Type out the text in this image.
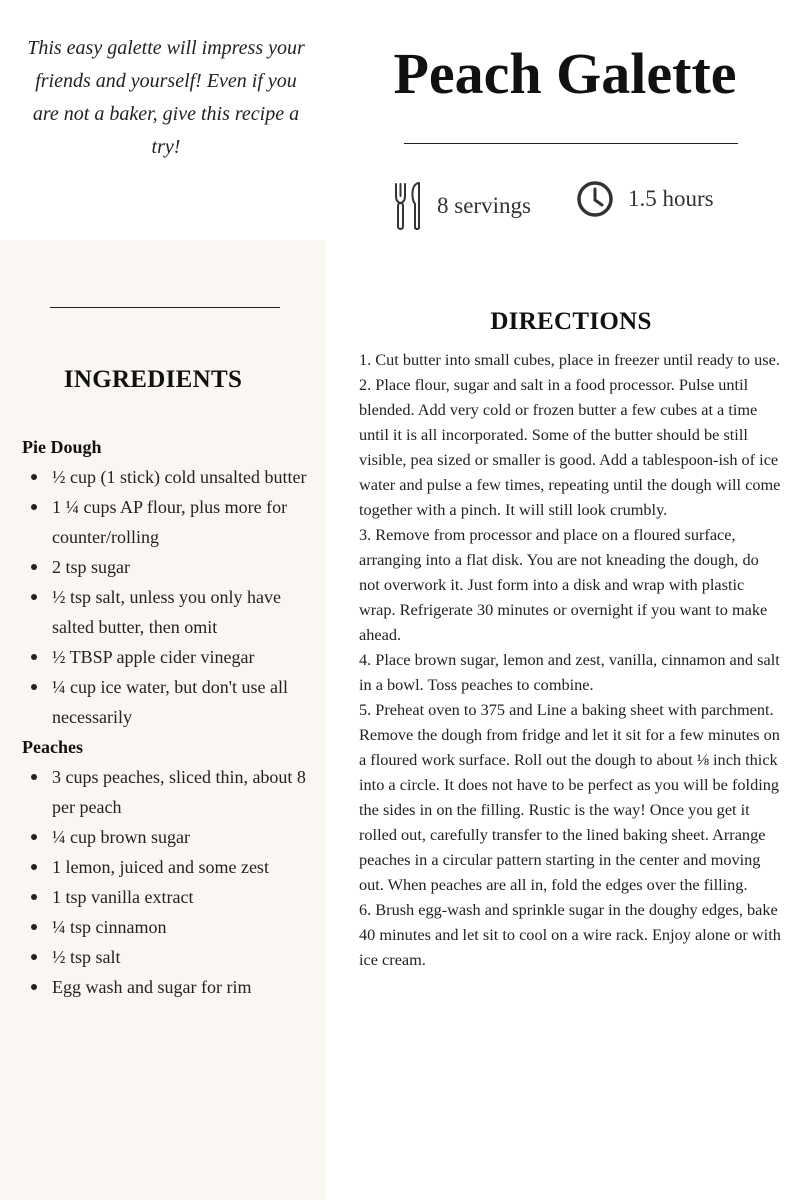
This easy galette will impress your friends and yourself! Even if you are not a baker, give this recipe a try!

Peach Galette
8 servings	1.5 hours
INGREDIENTS
Pie Dough
½ cup (1 stick) cold unsalted butter
1 ¼ cups AP flour, plus more for counter/rolling
2 tsp sugar
½ tsp salt, unless you only have salted butter, then omit
½ TBSP apple cider vinegar
¼ cup ice water, but don't use all necessarily
Peaches
3 cups peaches, sliced thin, about 8 per peach
¼ cup brown sugar
1 lemon, juiced and some zest
1 tsp vanilla extract
¼ tsp cinnamon
½ tsp salt
Egg wash and sugar for rim
DIRECTIONS

1. Cut butter into small cubes, place in freezer until ready to use.

2. Place flour, sugar and salt in a food processor. Pulse until blended. Add very cold or frozen butter a few cubes at a time until it is all incorporated. Some of the butter should be still visible, pea sized or smaller is good. Add a tablespoon-ish of ice water and pulse a few times, repeating until the dough will come together with a pinch. It will still look crumbly.

3. Remove from processor and place on a floured surface, arranging into a flat disk. You are not kneading the dough, do not overwork it. Just form into a disk and wrap with plastic wrap. Refrigerate 30 minutes or overnight if you want to make ahead.

4. Place brown sugar, lemon and zest, vanilla, cinnamon and salt in a bowl. Toss peaches to combine.

5. Preheat oven to 375 and Line a baking sheet with parchment. Remove the dough from fridge and let it sit for a few minutes on a floured work surface. Roll out the dough to about ⅛ inch thick into a circle. It does not have to be perfect as you will be folding the sides in on the filling. Rustic is the way! Once you get it rolled out, carefully transfer to the lined baking sheet. Arrange peaches in a circular pattern starting in the center and moving out. When peaches are all in, fold the edges over the filling.

6. Brush egg-wash and sprinkle sugar in the doughy edges, bake 40 minutes and let sit to cool on a wire rack. Enjoy alone or with ice cream.
